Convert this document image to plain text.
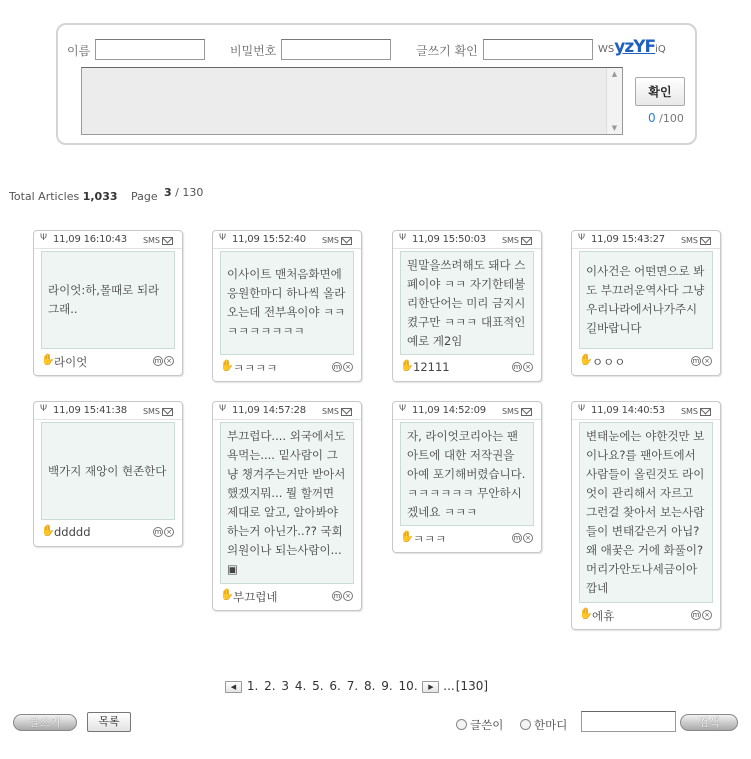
이름	비밀번호	글쓰기 확인	WSyzYFiQ
▲
▼
확인
0 /100
Total Articles 1,033 Page 3 / 130
Ψ 11,09 16:10:43 SMS
라이엇:하,몰때로 되라 그래..
✋ 라이엇	m ×
Ψ 11,09 15:52:40 SMS
이사이트 맨처음화면에 응원한마디 하나씩 올라오는데 전부욕이야 ㅋㅋㅋㅋㅋㅋㅋㅋㅋ
✋ ㅋㅋㅋㅋ	m ×
Ψ 11,09 15:50:03 SMS
뭔말을쓰려해도 돼다 스폐이야 ㅋㅋ 자기한테불리한단어는 미리 금지시켰구만 ㅋㅋㅋ 대표적인예로 게2임
✋ 12111	m ×
Ψ 11,09 15:43:27 SMS
이사건은 어떤면으로 봐도 부끄러운역사다 그냥 우리나라에서나가주시길바랍니다
✋ ㅇㅇㅇ	m ×
Ψ 11,09 15:41:38 SMS
백가지 재앙이 현존한다
✋ ddddd	m ×
Ψ 11,09 14:57:28 SMS
부끄럽다.... 외국에서도 욕먹는.... 밑사람이 그냥 챙겨주는거만 받아서 했겠지뭐... 뭘 할꺼면 제대로 알고, 알아봐야 하는거 아닌가..?? 국회의원이나 되는사람이... ▣
✋ 부끄럽네	m ×
Ψ 11,09 14:52:09 SMS
자, 라이엇코리아는 팬아트에 대한 저작권을 아예 포기해버렸습니다. ㅋㅋㅋㅋㅋㅋ 무안하시겠네요 ㅋㅋㅋ
✋ ㅋㅋㅋ	m ×
Ψ 11,09 14:40:53 SMS
변태눈에는 야한것만 보이나요?를 팬아트에서 사람들이 올린것도 라이엇이 관리해서 자르고 그런걸 찾아서 보는사람들이 변태같은거 아닙? 왜 애꿎은 거에 화풀이?머리가안도나세금이아깝네
✋ 에휴	m ×
◀ 1. 2. 3 4. 5. 6. 7. 8. 9. 10. ▶ ...[130]
글쓰기	목록	글쓴이	한마디	검색
